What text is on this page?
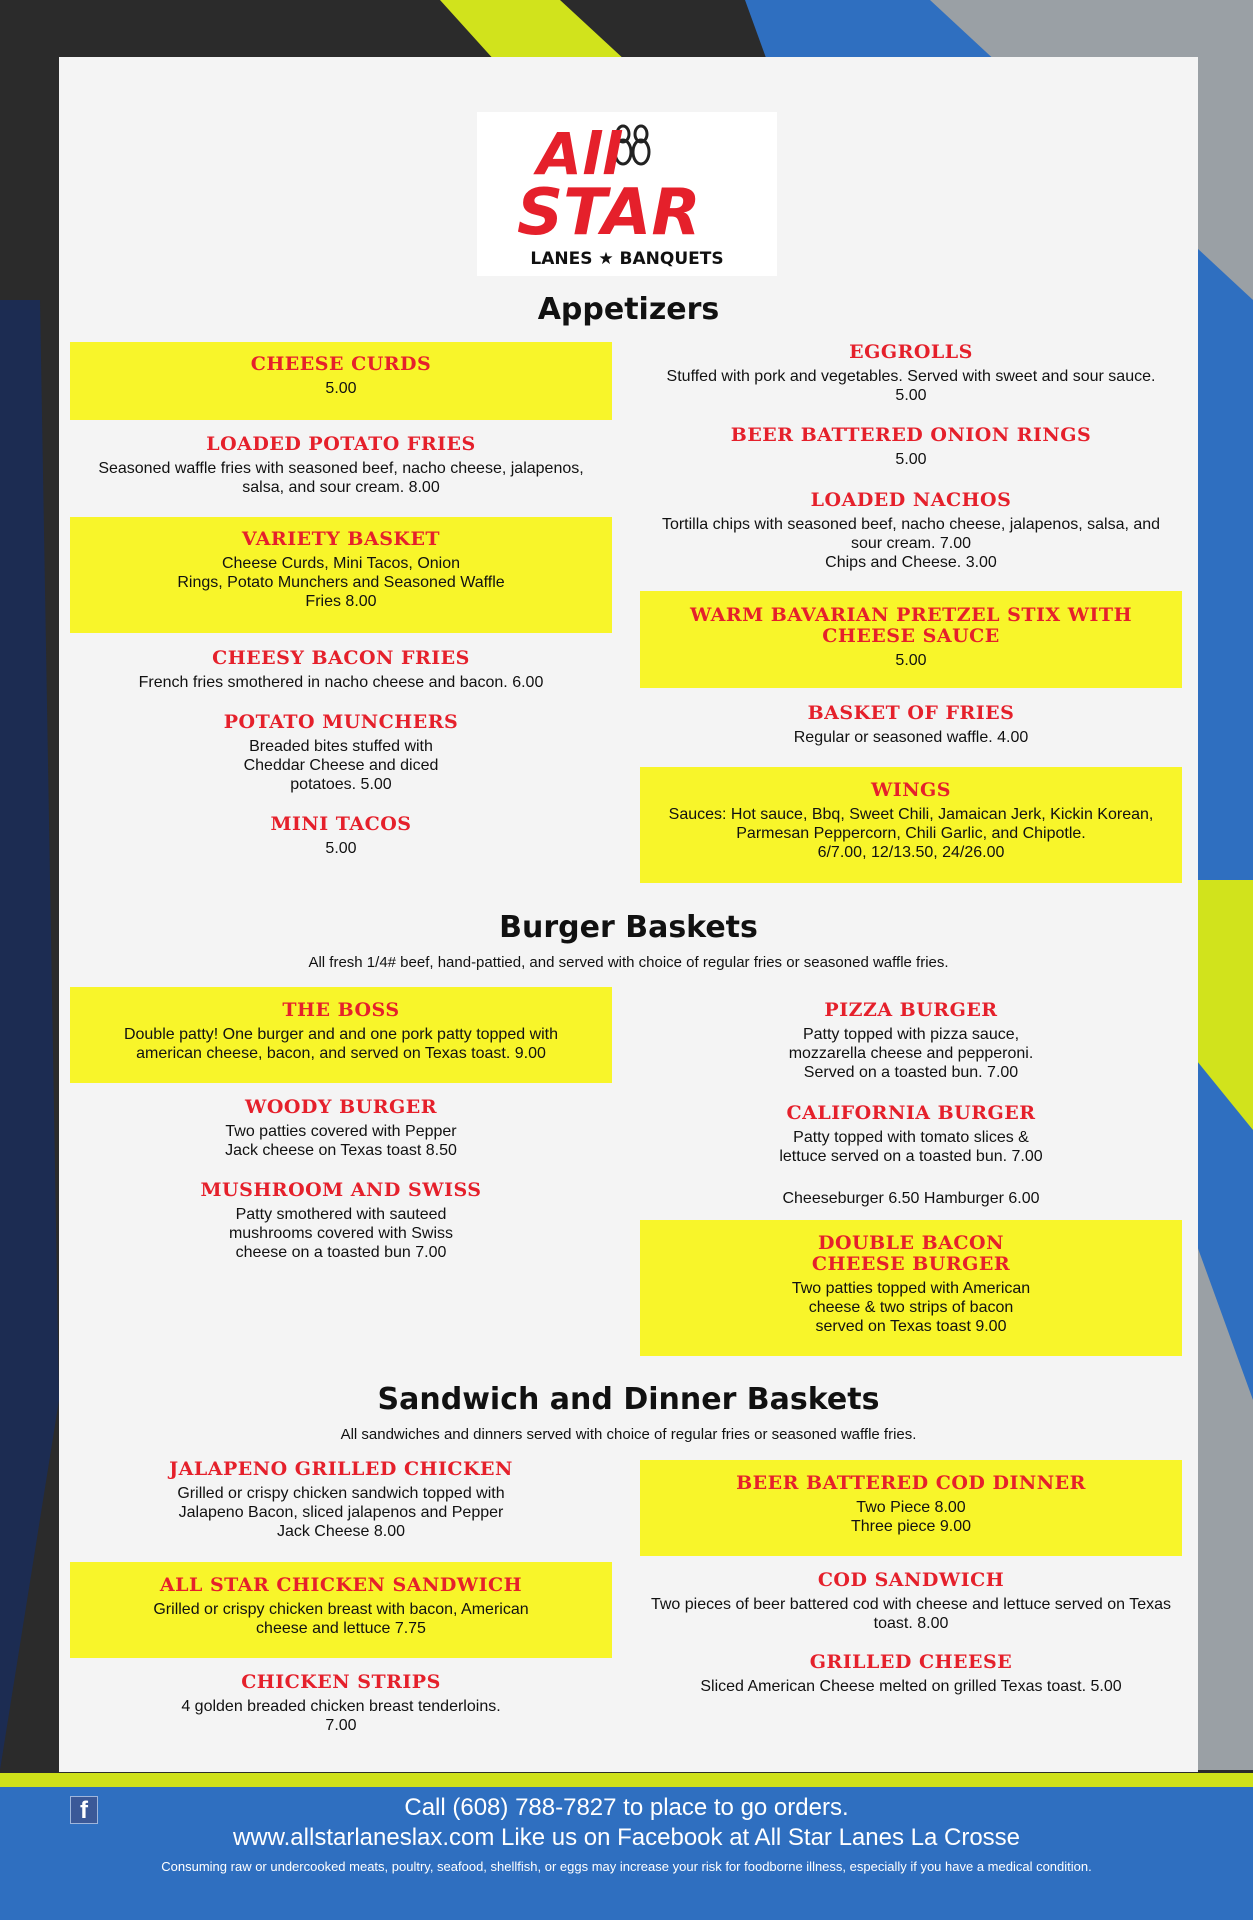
All
STAR
LANES ★ BANQUETS
Appetizers
CHEESE CURDS

5.00

LOADED POTATO FRIES

Seasoned waffle fries with seasoned beef, nacho cheese, jalapenos,

salsa, and sour cream. 8.00

VARIETY BASKET

Cheese Curds, Mini Tacos, Onion

Rings, Potato Munchers and Seasoned Waffle

Fries 8.00

CHEESY BACON FRIES

French fries smothered in nacho cheese and bacon. 6.00

POTATO MUNCHERS

Breaded bites stuffed with

Cheddar Cheese and diced

potatoes. 5.00

MINI TACOS

5.00

EGGROLLS

Stuffed with pork and vegetables. Served with sweet and sour sauce.

5.00

BEER BATTERED ONION RINGS

5.00

LOADED NACHOS

Tortilla chips with seasoned beef, nacho cheese, jalapenos, salsa, and

sour cream. 7.00

Chips and Cheese. 3.00

WARM BAVARIAN PRETZEL STIX WITH
CHEESE SAUCE

5.00

BASKET OF FRIES

Regular or seasoned waffle. 4.00

WINGS

Sauces: Hot sauce, Bbq, Sweet Chili, Jamaican Jerk, Kickin Korean,

Parmesan Peppercorn, Chili Garlic, and Chipotle.

6/7.00, 12/13.50, 24/26.00

Burger Baskets
All fresh 1/4# beef, hand-pattied, and served with choice of regular fries or seasoned waffle fries.
THE BOSS

Double patty! One burger and and one pork patty topped with

american cheese, bacon, and served on Texas toast. 9.00

WOODY BURGER

Two patties covered with Pepper

Jack cheese on Texas toast 8.50

MUSHROOM AND SWISS

Patty smothered with sauteed

mushrooms covered with Swiss

cheese on a toasted bun 7.00

PIZZA BURGER

Patty topped with pizza sauce,

mozzarella cheese and pepperoni.

Served on a toasted bun. 7.00

CALIFORNIA BURGER

Patty topped with tomato slices &

lettuce served on a toasted bun. 7.00

Cheeseburger 6.50 Hamburger 6.00

DOUBLE BACON
CHEESE BURGER

Two patties topped with American

cheese & two strips of bacon

served on Texas toast 9.00

Sandwich and Dinner Baskets
All sandwiches and dinners served with choice of regular fries or seasoned waffle fries.
JALAPENO GRILLED CHICKEN

Grilled or crispy chicken sandwich topped with

Jalapeno Bacon, sliced jalapenos and Pepper

Jack Cheese 8.00

ALL STAR CHICKEN SANDWICH

Grilled or crispy chicken breast with bacon, American

cheese and lettuce 7.75

CHICKEN STRIPS

4 golden breaded chicken breast tenderloins.

7.00

BEER BATTERED COD DINNER

Two Piece 8.00

Three piece 9.00

COD SANDWICH

Two pieces of beer battered cod with cheese and lettuce served on Texas

toast. 8.00

GRILLED CHEESE

Sliced American Cheese melted on grilled Texas toast. 5.00

f	Call (608) 788-7827 to place to go orders.
www.allstarlaneslax.com Like us on Facebook at All Star Lanes La Crosse
Consuming raw or undercooked meats, poultry, seafood, shellfish, or eggs may increase your risk for foodborne illness, especially if you have a medical condition.
